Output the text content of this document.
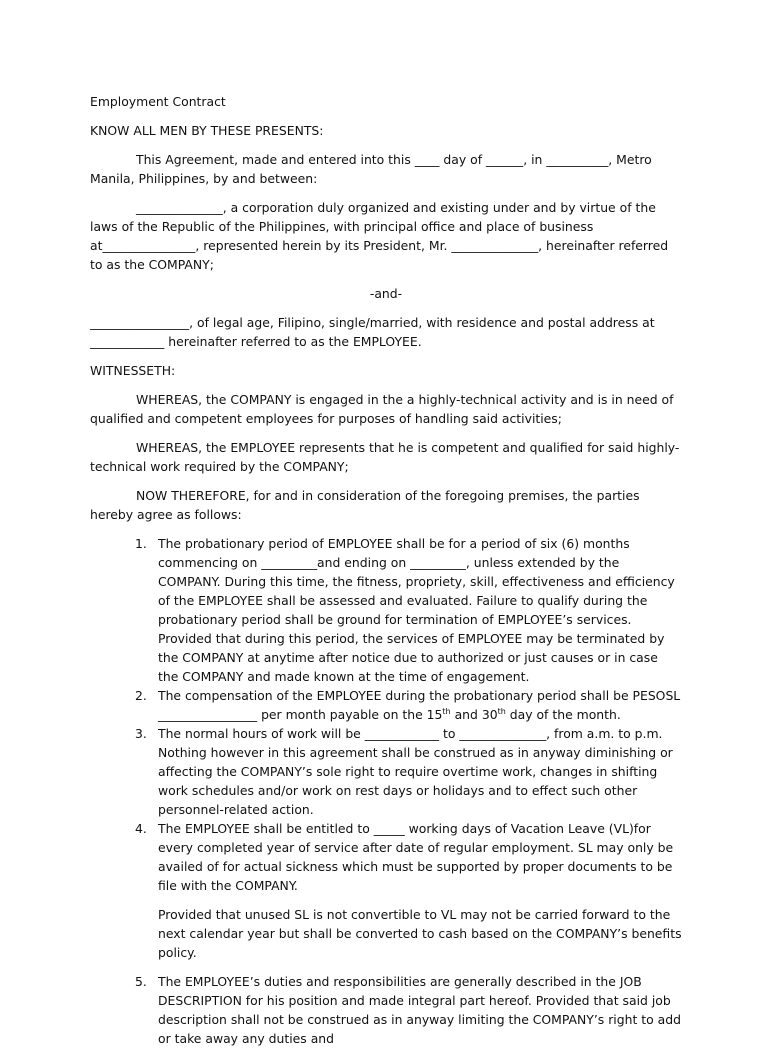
Employment Contract

KNOW ALL MEN BY THESE PRESENTS:

This Agreement, made and entered into this ____ day of ______, in __________, Metro Manila, Philippines, by and between:

______________, a corporation duly organized and existing under and by virtue of the laws of the Republic of the Philippines, with principal office and place of business at_______________, represented herein by its President, Mr. ______________, hereinafter referred to as the COMPANY;

-and-

________________, of legal age, Filipino, single/married, with residence and postal address at ____________ hereinafter referred to as the EMPLOYEE.

WITNESSETH:

WHEREAS, the COMPANY is engaged in the a highly-technical activity and is in need of qualified and competent employees for purposes of handling said activities;

WHEREAS, the EMPLOYEE represents that he is competent and qualified for said highly-technical work required by the COMPANY;

NOW THEREFORE, for and in consideration of the foregoing premises, the parties hereby agree as follows:

1. The probationary period of EMPLOYEE shall be for a period of six (6) months commencing on _________and ending on _________, unless extended by the COMPANY. During this time, the fitness, propriety, skill, effectiveness and efficiency of the EMPLOYEE shall be assessed and evaluated. Failure to qualify during the probationary period shall be ground for termination of EMPLOYEE’s services. Provided that during this period, the services of EMPLOYEE may be terminated by the COMPANY at anytime after notice due to authorized or just causes or in case the COMPANY and made known at the time of engagement.
2. The compensation of the EMPLOYEE during the probationary period shall be PESOSL ________________ per month payable on the 15th and 30th day of the month.
3. The normal hours of work will be ____________ to ______________, from a.m. to p.m. Nothing however in this agreement shall be construed as in anyway diminishing or affecting the COMPANY’s sole right to require overtime work, changes in shifting work schedules and/or work on rest days or holidays and to effect such other personnel-related action.
4. The EMPLOYEE shall be entitled to _____ working days of Vacation Leave (VL)for every completed year of service after date of regular employment. SL may only be availed of for actual sickness which must be supported by proper documents to be file with the COMPANY.

Provided that unused SL is not convertible to VL may not be carried forward to the next calendar year but shall be converted to cash based on the COMPANY’s benefits policy.

5. The EMPLOYEE’s duties and responsibilities are generally described in the JOB DESCRIPTION for his position and made integral part hereof. Provided that said job description shall not be construed as in anyway limiting the COMPANY’s right to add or take away any duties and
